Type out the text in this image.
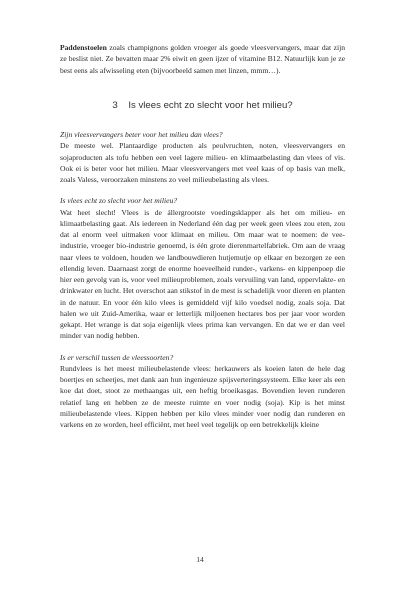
Paddenstoelen zoals champignons golden vroeger als goede vleesvervangers, maar dat zijn ze beslist niet. Ze bevatten maar 2% eiwit en geen ijzer of vitamine B12. Natuurlijk kun je ze best eens als afwisseling eten (bijvoorbeeld samen met linzen, mmm…).

3 Is vlees echt zo slecht voor het milieu?

Zijn vleesvervangers beter voor het milieu dan vlees?

De meeste wel. Plantaardige producten als peulvruchten, noten, vleesvervangers en sojaproducten als tofu hebben een veel lagere milieu- en klimaatbelasting dan vlees of vis. Ook ei is beter voor het milieu. Maar vleesvervangers met veel kaas of op basis van melk, zoals Valess, veroorzaken minstens zo veel milieubelasting als vlees.

Is vlees echt zo slecht voor het milieu?

Wat heet slecht! Vlees is de állergrootste voedingsklapper als het om milieu- en klimaatbelasting gaat. Als iedereen in Nederland één dag per week geen vlees zou eten, zou dat al enorm veel uitmaken voor klimaat en milieu. Om maar wat te noemen: de vee-industrie, vroeger bio-industrie genoemd, is één grote dierenmartelfabriek. Om aan de vraag naar vlees te voldoen, houden we landbouwdieren hutjemutje op elkaar en bezorgen ze een ellendig leven. Daarnaast zorgt de enorme hoeveelheid runder-, varkens- en kippenpoep die hier een gevolg van is, voor veel milieuproblemen, zoals vervuiling van land, oppervlakte- en drinkwater en lucht. Het overschot aan stikstof in de mest is schadelijk voor dieren en planten in de natuur. En voor één kilo vlees is gemiddeld vijf kilo voedsel nodig, zoals soja. Dat halen we uit Zuid-Amerika, waar er letterlijk miljoenen hectares bos per jaar voor worden gekapt. Het wrange is dat soja eigenlijk vlees prima kan vervangen. En dat we er dan veel minder van nodig hebben.

Is er verschil tussen de vleessoorten?

Rundvlees is het meest milieubelastende vlees: herkauwers als koeien laten de hele dag boertjes en scheetjes, met dank aan hun ingenieuze spijsverteringssysteem. Elke keer als een koe dat doet, stoot ze methaangas uit, een heftig broeikasgas. Bovendien leven runderen relatief lang en hebben ze de meeste ruimte en voer nodig (soja). Kip is het minst milieubelastende vlees. Kippen hebben per kilo vlees minder voer nodig dan runderen en varkens en ze worden, heel efficiënt, met heel veel tegelijk op een betrekkelijk kleine

14
